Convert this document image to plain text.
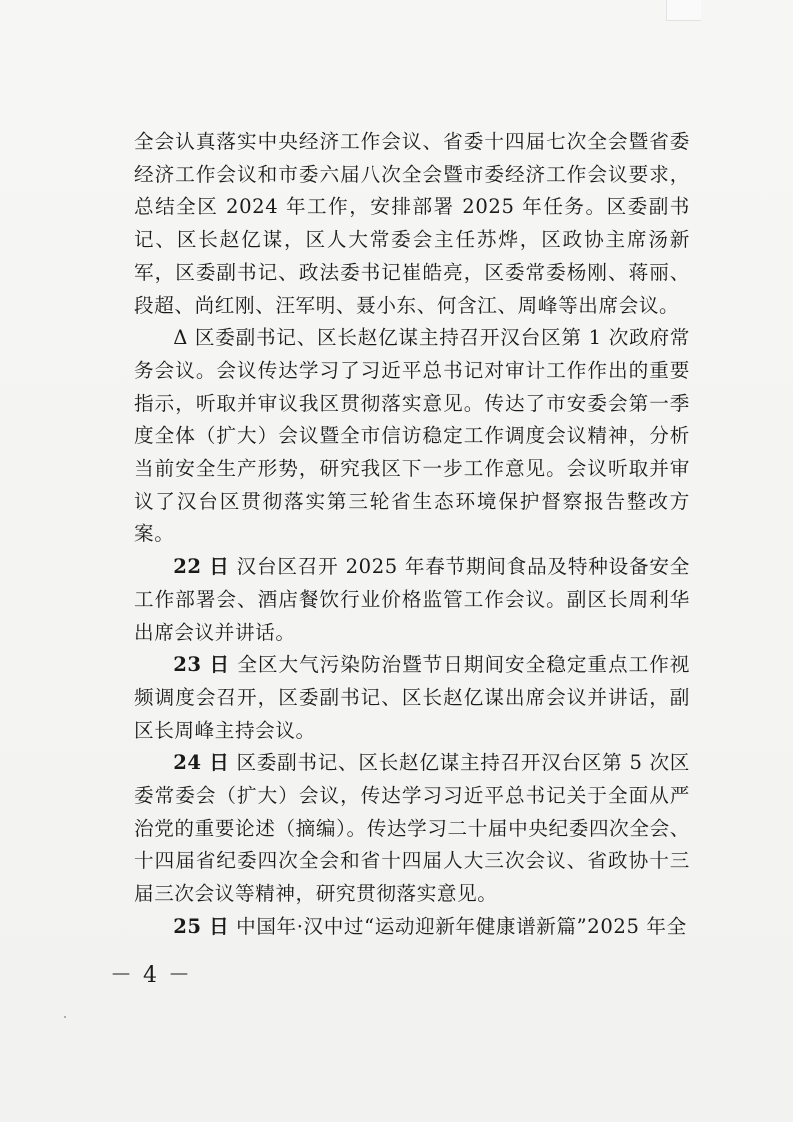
全会认真落实中央经济工作会议、省委十四届七次全会暨省委经济工作会议和市委六届八次全会暨市委经济工作会议要求，总结全区 2024 年工作，安排部署 2025 年任务。区委副书记、区长赵亿谋，区人大常委会主任苏烨，区政协主席汤新军，区委副书记、政法委书记崔皓亮，区委常委杨刚、蒋丽、段超、尚红刚、汪军明、聂小东、何含江、周峰等出席会议。

Δ 区委副书记、区长赵亿谋主持召开汉台区第 1 次政府常务会议。会议传达学习了习近平总书记对审计工作作出的重要指示，听取并审议我区贯彻落实意见。传达了市安委会第一季度全体（扩大）会议暨全市信访稳定工作调度会议精神，分析当前安全生产形势，研究我区下一步工作意见。会议听取并审议了汉台区贯彻落实第三轮省生态环境保护督察报告整改方案。

22 日 汉台区召开 2025 年春节期间食品及特种设备安全工作部署会、酒店餐饮行业价格监管工作会议。副区长周利华出席会议并讲话。

23 日 全区大气污染防治暨节日期间安全稳定重点工作视频调度会召开，区委副书记、区长赵亿谋出席会议并讲话，副区长周峰主持会议。

24 日 区委副书记、区长赵亿谋主持召开汉台区第 5 次区委常委会（扩大）会议，传达学习习近平总书记关于全面从严治党的重要论述（摘编）。传达学习二十届中央纪委四次全会、十四届省纪委四次全会和省十四届人大三次会议、省政协十三届三次会议等精神，研究贯彻落实意见。

25 日 中国年·汉中过“运动迎新年健康谱新篇”2025 年全

－ 4 －
